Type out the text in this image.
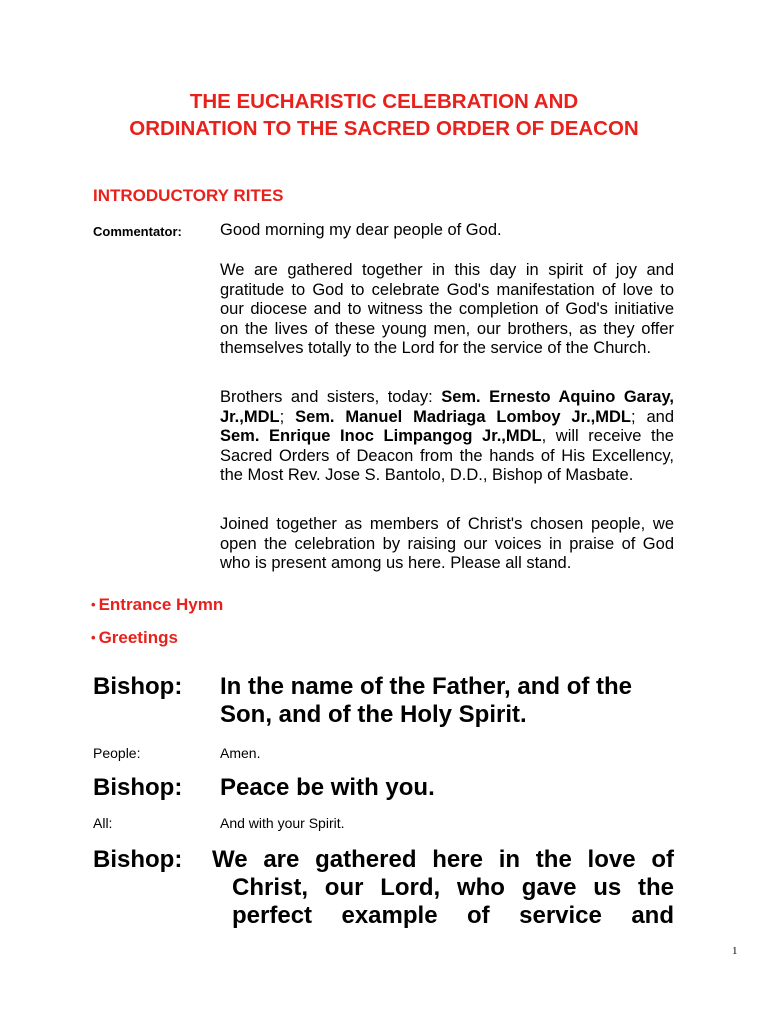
THE EUCHARISTIC CELEBRATION AND
ORDINATION TO THE SACRED ORDER OF DEACON
INTRODUCTORY RITES
Commentator: Good morning my dear people of God.
We are gathered together in this day in spirit of joy and gratitude to God to celebrate God's manifestation of love to our diocese and to witness the completion of God's initiative on the lives of these young men, our brothers, as they offer themselves totally to the Lord for the service of the Church.
Brothers and sisters, today: Sem. Ernesto Aquino Garay, Jr.,MDL; Sem. Manuel Madriaga Lomboy Jr.,MDL; and Sem. Enrique Inoc Limpangog Jr.,MDL, will receive the Sacred Orders of Deacon from the hands of His Excellency, the Most Rev. Jose S. Bantolo, D.D., Bishop of Masbate.
Joined together as members of Christ's chosen people, we open the celebration by raising our voices in praise of God who is present among us here. Please all stand.
• Entrance Hymn
• Greetings
Bishop: In the name of the Father, and of the Son, and of the Holy Spirit.
People:	Amen.
Bishop: Peace be with you.
All:	And with your Spirit.
Bishop: We are gathered here in the love of
Christ, our Lord, who gave us the
perfect example of service and
1
